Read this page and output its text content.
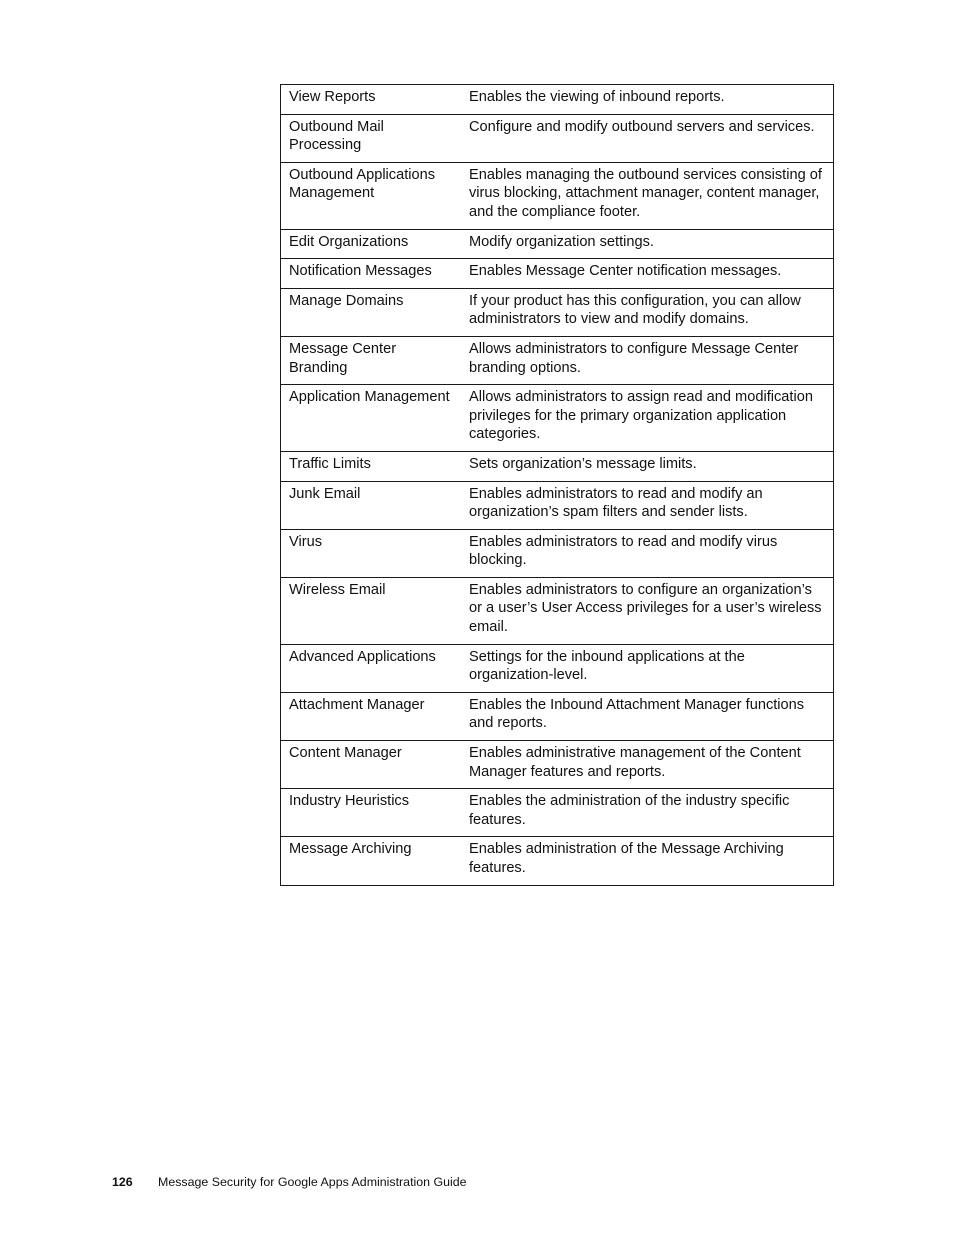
View Reports	Enables the viewing of inbound reports.
Outbound Mail Processing	Configure and modify outbound servers and services.
Outbound Applications Management	Enables managing the outbound services consisting of virus blocking, attachment manager, content manager, and the compliance footer.
Edit Organizations	Modify organization settings.
Notification Messages	Enables Message Center notification messages.
Manage Domains	If your product has this configuration, you can allow administrators to view and modify domains.
Message Center Branding	Allows administrators to configure Message Center branding options.
Application Management	Allows administrators to assign read and modification privileges for the primary organization application categories.
Traffic Limits	Sets organization’s message limits.
Junk Email	Enables administrators to read and modify an organization’s spam filters and sender lists.
Virus	Enables administrators to read and modify virus blocking.
Wireless Email	Enables administrators to configure an organization’s or a user’s User Access privileges for a user’s wireless email.
Advanced Applications	Settings for the inbound applications at the organization-level.
Attachment Manager	Enables the Inbound Attachment Manager functions and reports.
Content Manager	Enables administrative management of the Content Manager features and reports.
Industry Heuristics	Enables the administration of the industry specific features.
Message Archiving	Enables administration of the Message Archiving features.
126 Message Security for Google Apps Administration Guide
